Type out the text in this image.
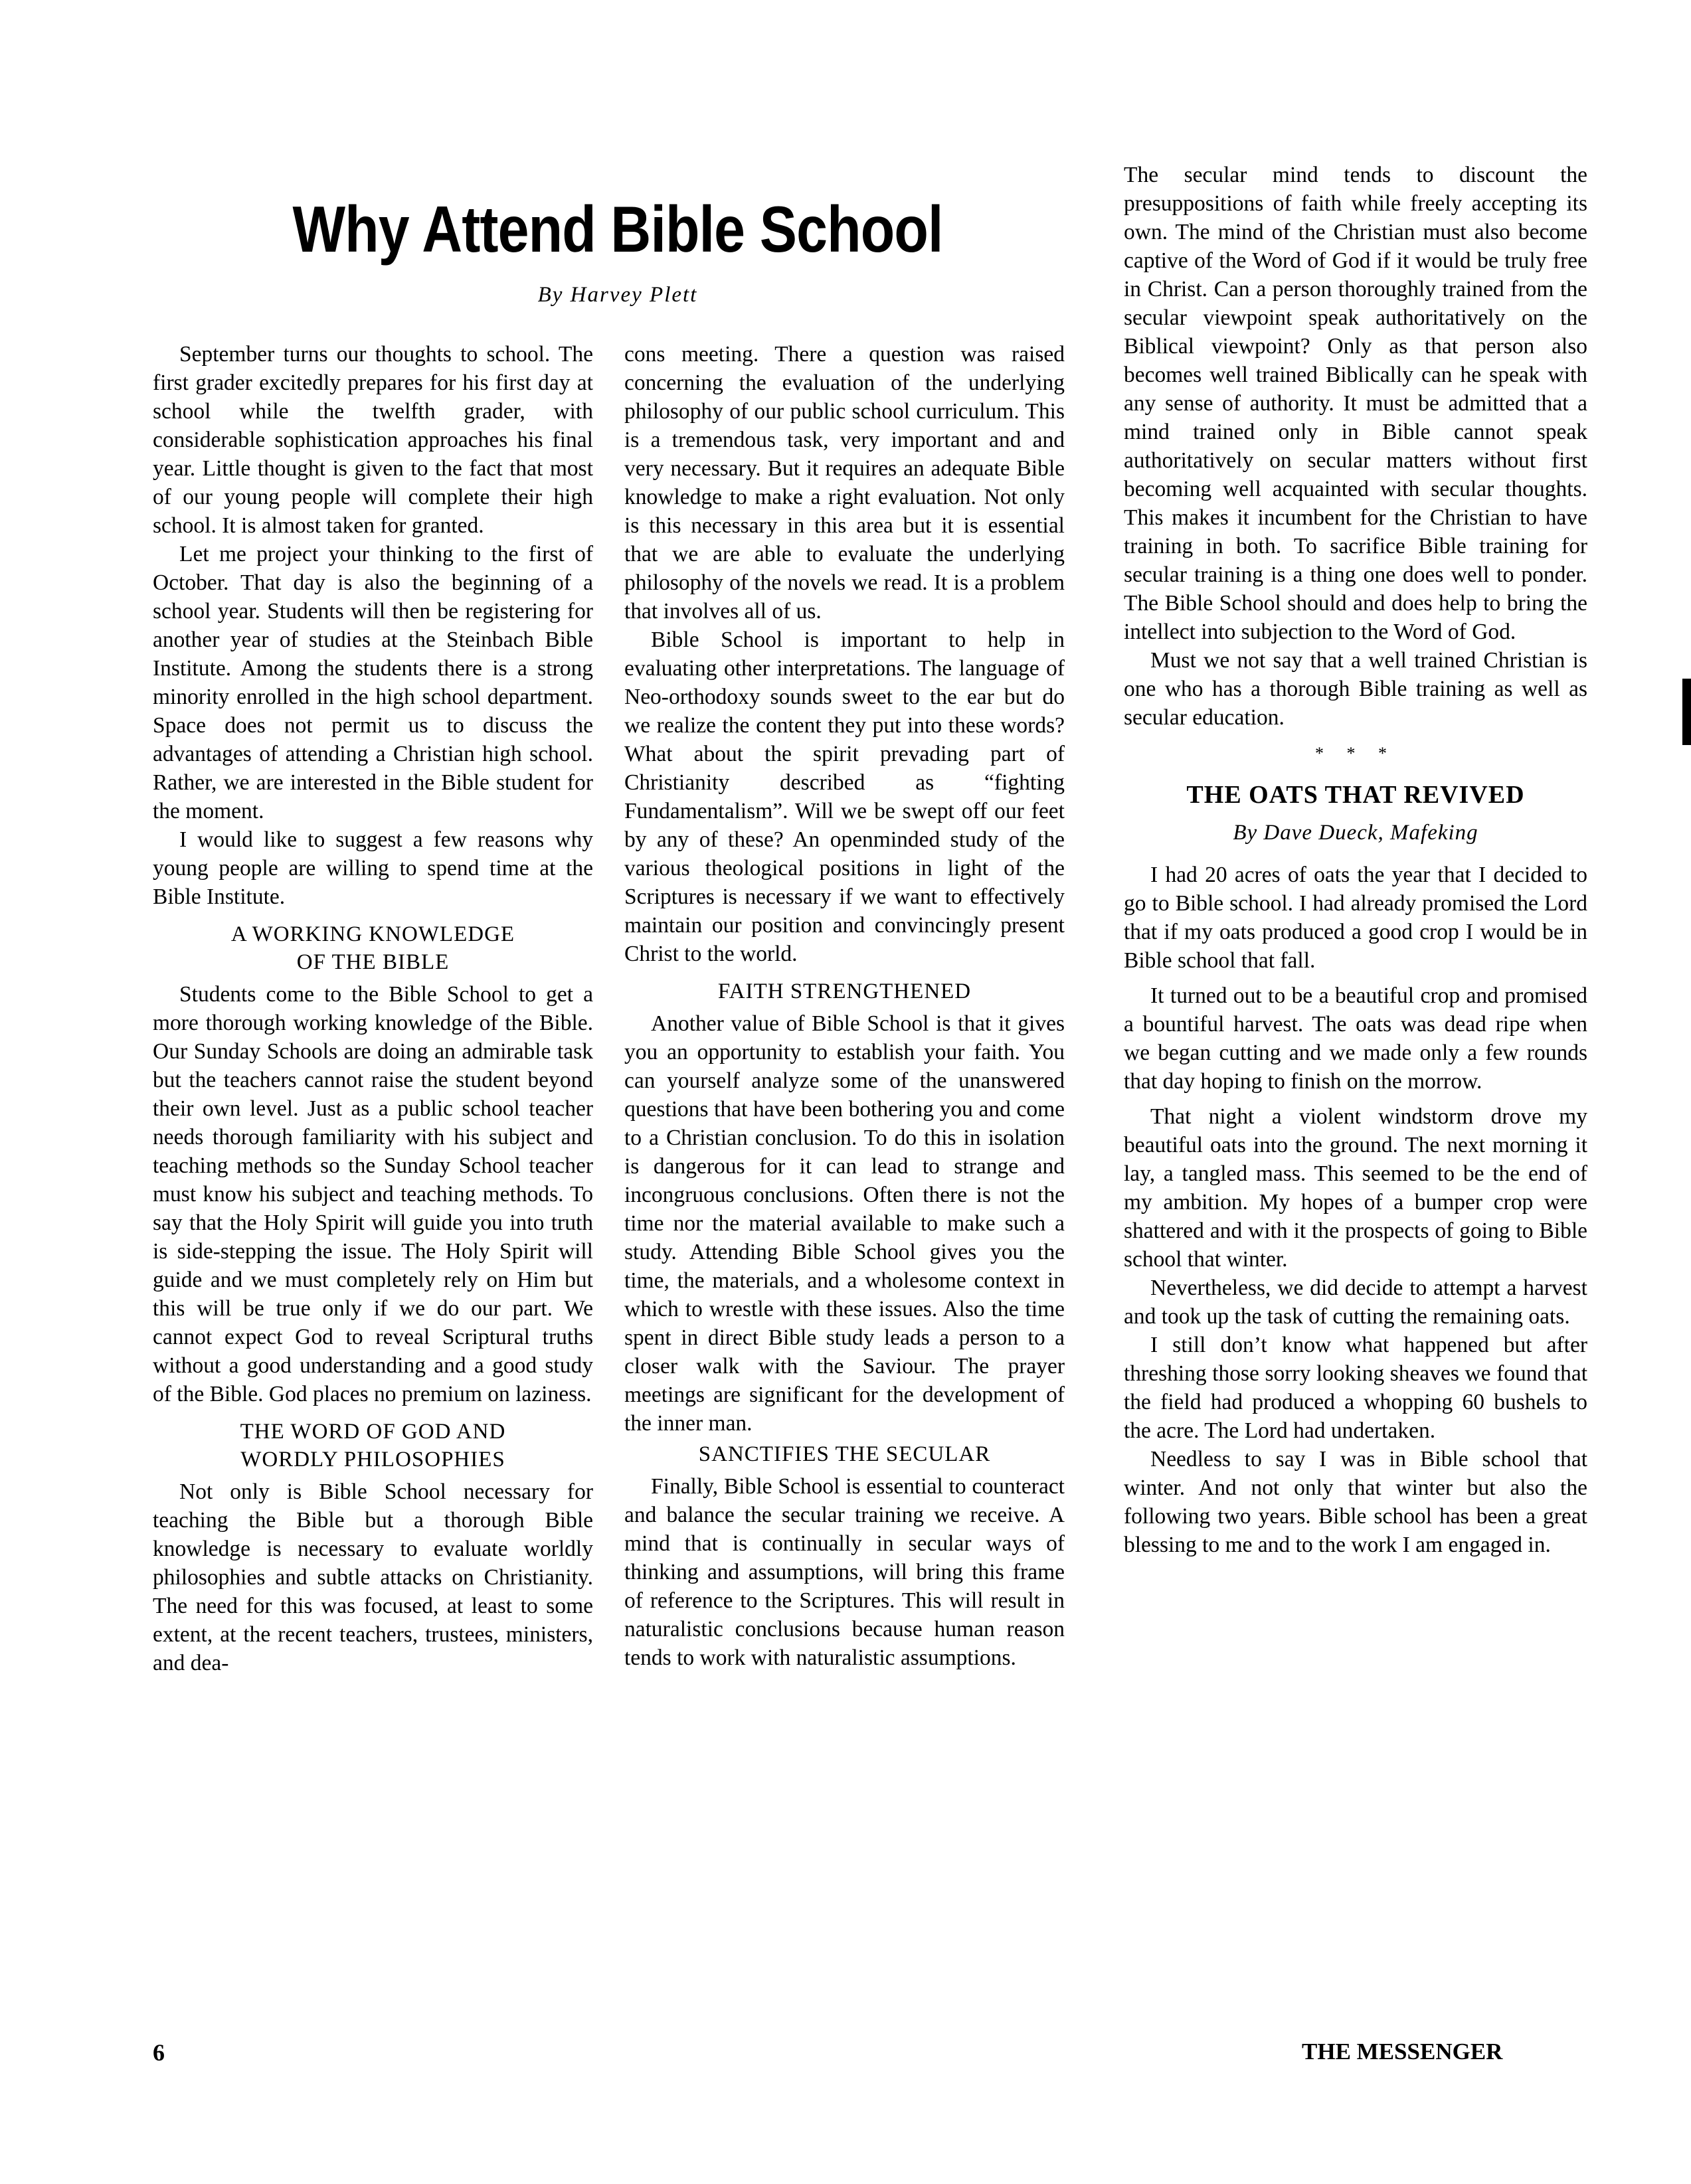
Why Attend Bible School
By Harvey Plett

September turns our thoughts to school. The first grader excitedly prepares for his first day at school while the twelfth grader, with considerable sophistication approaches his final year. Little thought is given to the fact that most of our young people will complete their high school. It is almost taken for granted.

Let me project your thinking to the first of October. That day is also the beginning of a school year. Students will then be registering for another year of studies at the Steinbach Bible Institute. Among the students there is a strong minority enrolled in the high school department. Space does not permit us to discuss the advantages of attending a Christian high school. Rather, we are interested in the Bible student for the moment.

I would like to suggest a few reasons why young people are willing to spend time at the Bible Institute.

A WORKING KNOWLEDGE
OF THE BIBLE

Students come to the Bible School to get a more thorough working knowledge of the Bible. Our Sunday Schools are doing an admirable task but the teachers cannot raise the student beyond their own level. Just as a public school teacher needs thorough familiarity with his subject and teaching methods so the Sunday School teacher must know his subject and teaching methods. To say that the Holy Spirit will guide you into truth is side-stepping the issue. The Holy Spirit will guide and we must completely rely on Him but this will be true only if we do our part. We cannot expect God to reveal Scriptural truths without a good understanding and a good study of the Bible. God places no premium on laziness.

THE WORD OF GOD AND
WORDLY PHILOSOPHIES

Not only is Bible School necessary for teaching the Bible but a thorough Bible knowledge is necessary to evaluate worldly philosophies and subtle attacks on Christianity. The need for this was focused, at least to some extent, at the recent teachers, trustees, ministers, and dea-

cons meeting. There a question was raised concerning the evaluation of the underlying philosophy of our public school curriculum. This is a tremendous task, very important and and very necessary. But it requires an adequate Bible knowledge to make a right evaluation. Not only is this necessary in this area but it is essential that we are able to evaluate the underlying philosophy of the novels we read. It is a problem that involves all of us.

Bible School is important to help in evaluating other interpretations. The language of Neo-orthodoxy sounds sweet to the ear but do we realize the content they put into these words? What about the spirit prevading part of Christianity described as “fighting Fundamentalism”. Will we be swept off our feet by any of these? An openminded study of the various theological positions in light of the Scriptures is necessary if we want to effectively maintain our position and convincingly present Christ to the world.

FAITH STRENGTHENED

Another value of Bible School is that it gives you an opportunity to establish your faith. You can yourself analyze some of the unanswered questions that have been bothering you and come to a Christian conclusion. To do this in isolation is dangerous for it can lead to strange and incongruous conclusions. Often there is not the time nor the material available to make such a study. Attending Bible School gives you the time, the materials, and a wholesome context in which to wrestle with these issues. Also the time spent in direct Bible study leads a person to a closer walk with the Saviour. The prayer meetings are significant for the development of the inner man.

SANCTIFIES THE SECULAR

Finally, Bible School is essential to counteract and balance the secular training we receive. A mind that is continually in secular ways of thinking and assumptions, will bring this frame of reference to the Scriptures. This will result in naturalistic conclusions because human reason tends to work with naturalistic assumptions.

The secular mind tends to discount the presuppositions of faith while freely accepting its own. The mind of the Christian must also become captive of the Word of God if it would be truly free in Christ. Can a person thoroughly trained from the secular viewpoint speak authoritatively on the Biblical viewpoint? Only as that person also becomes well trained Biblically can he speak with any sense of authority. It must be admitted that a mind trained only in Bible cannot speak authoritatively on secular matters without first becoming well acquainted with secular thoughts. This makes it incumbent for the Christian to have training in both. To sacrifice Bible training for secular training is a thing one does well to ponder. The Bible School should and does help to bring the intellect into subjection to the Word of God.

Must we not say that a well trained Christian is one who has a thorough Bible training as well as secular education.

* * *
THE OATS THAT REVIVED
By Dave Dueck, Mafeking

I had 20 acres of oats the year that I decided to go to Bible school. I had already promised the Lord that if my oats produced a good crop I would be in Bible school that fall.

It turned out to be a beautiful crop and promised a bountiful harvest. The oats was dead ripe when we began cutting and we made only a few rounds that day hoping to finish on the morrow.

That night a violent windstorm drove my beautiful oats into the ground. The next morning it lay, a tangled mass. This seemed to be the end of my ambition. My hopes of a bumper crop were shattered and with it the prospects of going to Bible school that winter.

Nevertheless, we did decide to attempt a harvest and took up the task of cutting the remaining oats.

I still don’t know what happened but after threshing those sorry looking sheaves we found that the field had produced a whopping 60 bushels to the acre. The Lord had undertaken.

Needless to say I was in Bible school that winter. And not only that winter but also the following two years. Bible school has been a great blessing to me and to the work I am engaged in.

6	THE MESSENGER
